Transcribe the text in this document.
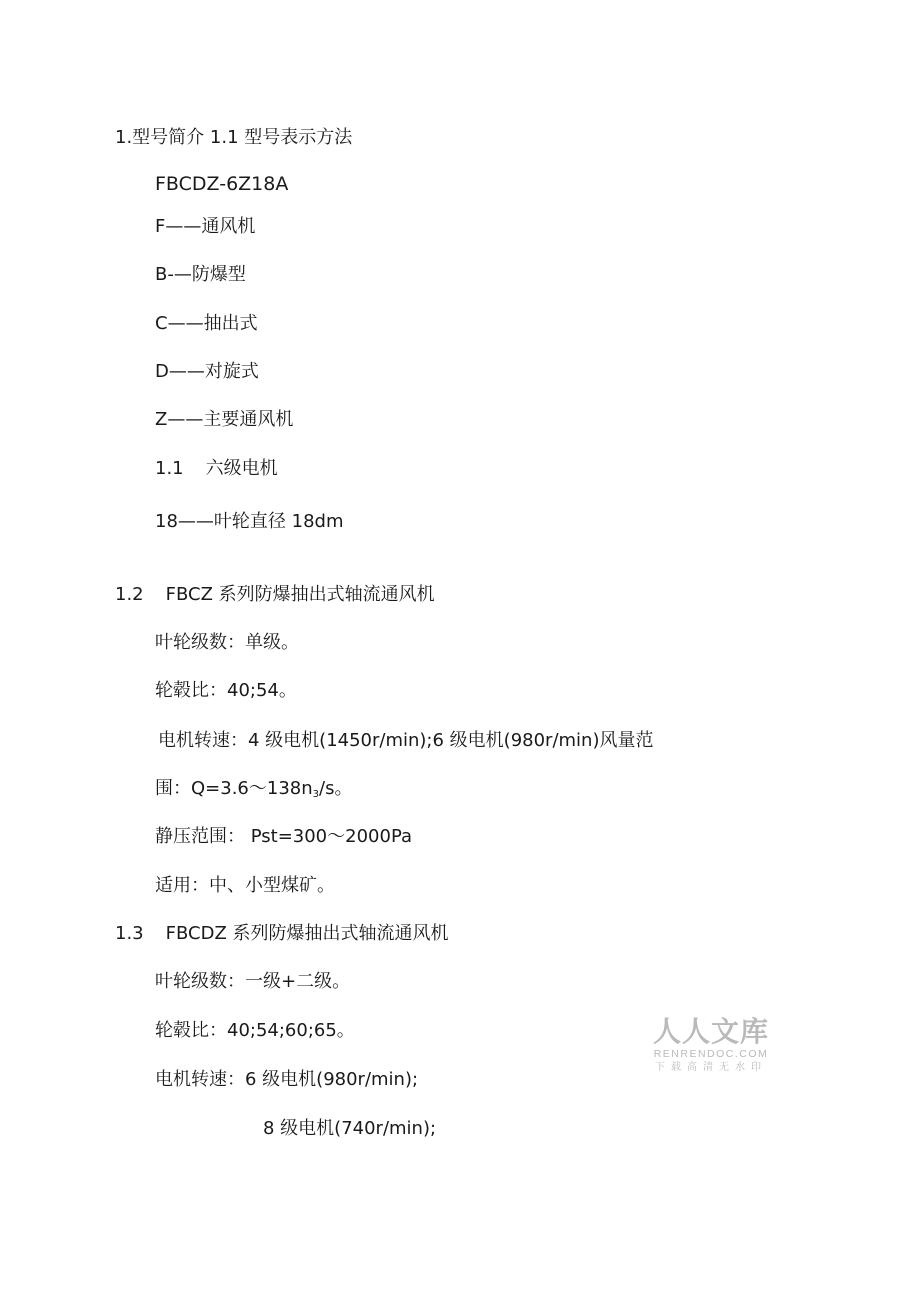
1.型号简介 1.1 型号表示方法
FBCDZ-6Z18A
F——通风机
B-—防爆型
C——抽出式
D——对旋式
Z——主要通风机
1.1 六级电机
18——叶轮直径 18dm
1.2 FBCZ 系列防爆抽出式轴流通风机
叶轮级数：单级。
轮毂比：40;54。
电机转速：4 级电机(1450r/min);6 级电机(980r/min)风量范
围：Q=3.6～138n3/s。
静压范围： Pst=300～2000Pa
适用：中、小型煤矿。
1.3 FBCDZ 系列防爆抽出式轴流通风机
叶轮级数：一级+二级。
轮毂比：40;54;60;65。
电机转速：6 级电机(980r/min);
8 级电机(740r/min);
人人文库
RENRENDOC.COM
下载高清无水印
